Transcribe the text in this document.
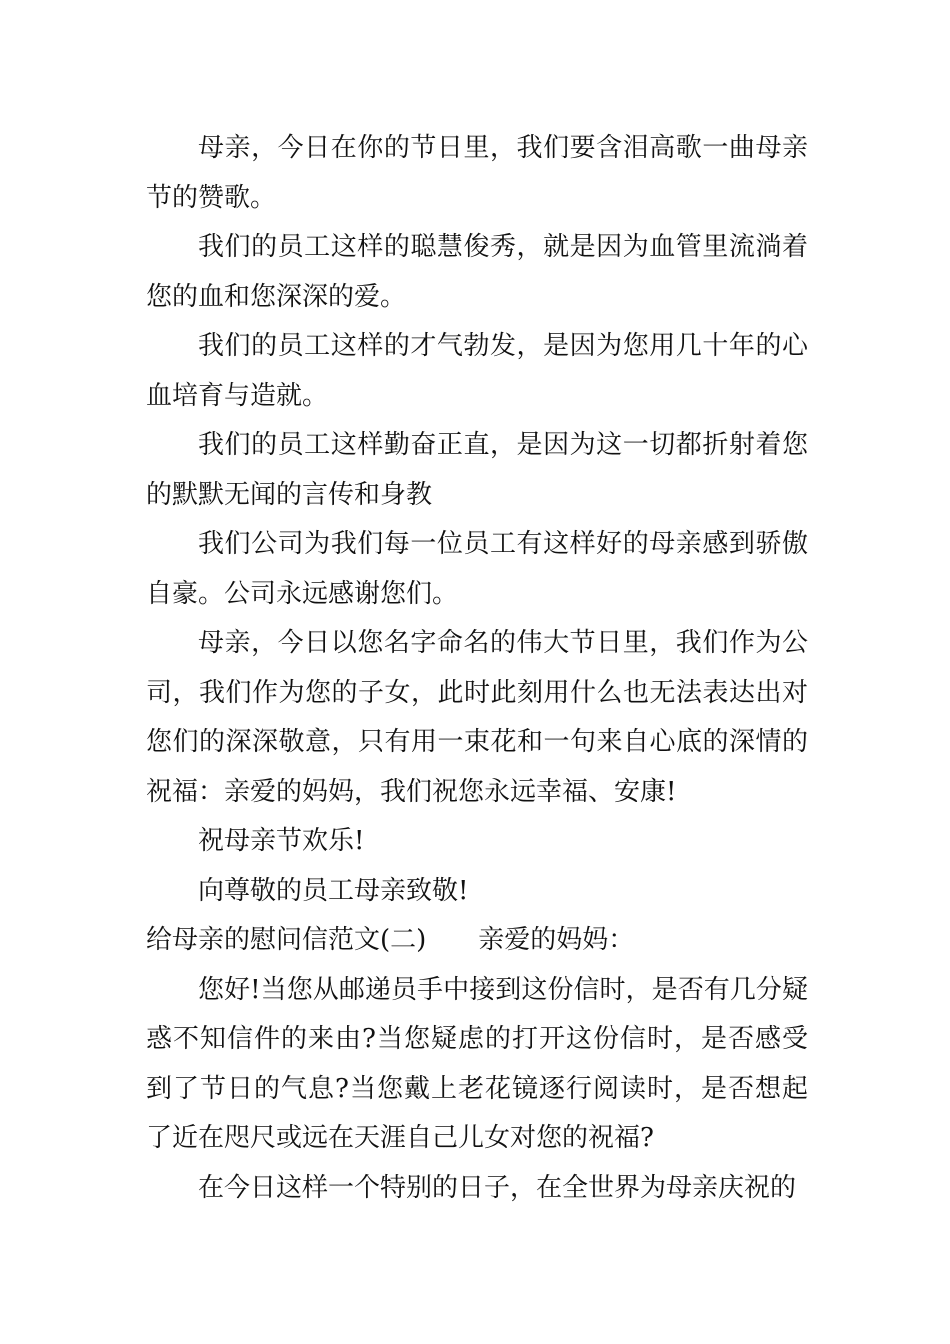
母亲，今日在你的节日里，我们要含泪高歌一曲母亲节的赞歌。

我们的员工这样的聪慧俊秀，就是因为血管里流淌着您的血和您深深的爱。

我们的员工这样的才气勃发，是因为您用几十年的心血培育与造就。

我们的员工这样勤奋正直，是因为这一切都折射着您的默默无闻的言传和身教

我们公司为我们每一位员工有这样好的母亲感到骄傲自豪。公司永远感谢您们。

母亲，今日以您名字命名的伟大节日里，我们作为公司，我们作为您的子女，此时此刻用什么也无法表达出对您们的深深敬意，只有用一束花和一句来自心底的深情的祝福：亲爱的妈妈，我们祝您永远幸福、安康!

祝母亲节欢乐!

向尊敬的员工母亲致敬!

给母亲的慰问信范文(二) 亲爱的妈妈：

您好!当您从邮递员手中接到这份信时，是否有几分疑惑不知信件的来由?当您疑虑的打开这份信时，是否感受到了节日的气息?当您戴上老花镜逐行阅读时，是否想起了近在咫尺或远在天涯自己儿女对您的祝福?

在今日这样一个特别的日子，在全世界为母亲庆祝的
